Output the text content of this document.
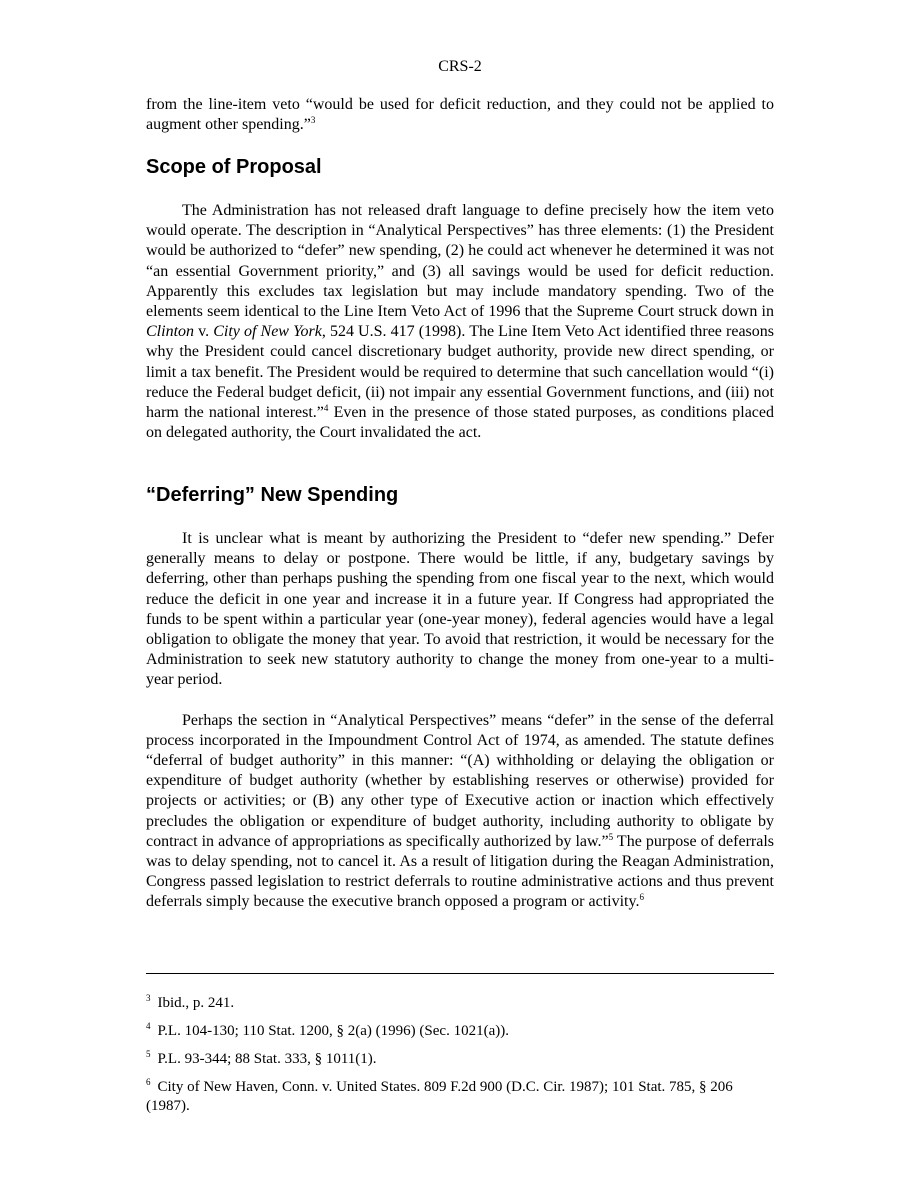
CRS-2

from the line-item veto “would be used for deficit reduction, and they could not be applied to augment other spending.”$^3$

Scope of Proposal

The Administration has not released draft language to define precisely how the item veto would operate. The description in “Analytical Perspectives” has three elements: (1) the President would be authorized to “defer” new spending, (2) he could act whenever he determined it was not “an essential Government priority,” and (3) all savings would be used for deficit reduction. Apparently this excludes tax legislation but may include mandatory spending. Two of the elements seem identical to the Line Item Veto Act of 1996 that the Supreme Court struck down in Clinton v. City of New York, 524 U.S. 417 (1998). The Line Item Veto Act identified three reasons why the President could cancel discretionary budget authority, provide new direct spending, or limit a tax benefit. The President would be required to determine that such cancellation would “(i) reduce the Federal budget deficit, (ii) not impair any essential Government functions, and (iii) not harm the national interest.”$^4$ Even in the presence of those stated purposes, as conditions placed on delegated authority, the Court invalidated the act.

“Deferring” New Spending

It is unclear what is meant by authorizing the President to “defer new spending.” Defer generally means to delay or postpone. There would be little, if any, budgetary savings by deferring, other than perhaps pushing the spending from one fiscal year to the next, which would reduce the deficit in one year and increase it in a future year. If Congress had appropriated the funds to be spent within a particular year (one-year money), federal agencies would have a legal obligation to obligate the money that year. To avoid that restriction, it would be necessary for the Administration to seek new statutory authority to change the money from one-year to a multi-year period.

Perhaps the section in “Analytical Perspectives” means “defer” in the sense of the deferral process incorporated in the Impoundment Control Act of 1974, as amended. The statute defines “deferral of budget authority” in this manner: “(A) withholding or delaying the obligation or expenditure of budget authority (whether by establishing reserves or otherwise) provided for projects or activities; or (B) any other type of Executive action or inaction which effectively precludes the obligation or expenditure of budget authority, including authority to obligate by contract in advance of appropriations as specifically authorized by law.”$^5$ The purpose of deferrals was to delay spending, not to cancel it. As a result of litigation during the Reagan Administration, Congress passed legislation to restrict deferrals to routine administrative actions and thus prevent deferrals simply because the executive branch opposed a program or activity.$^6$

$^3$ Ibid., p. 241.

$^4$ P.L. 104-130; 110 Stat. 1200, § 2(a) (1996) (Sec. 1021(a)).

$^5$ P.L. 93-344; 88 Stat. 333, § 1011(1).

$^6$ City of New Haven, Conn. v. United States. 809 F.2d 900 (D.C. Cir. 1987); 101 Stat. 785, § 206 (1987).
